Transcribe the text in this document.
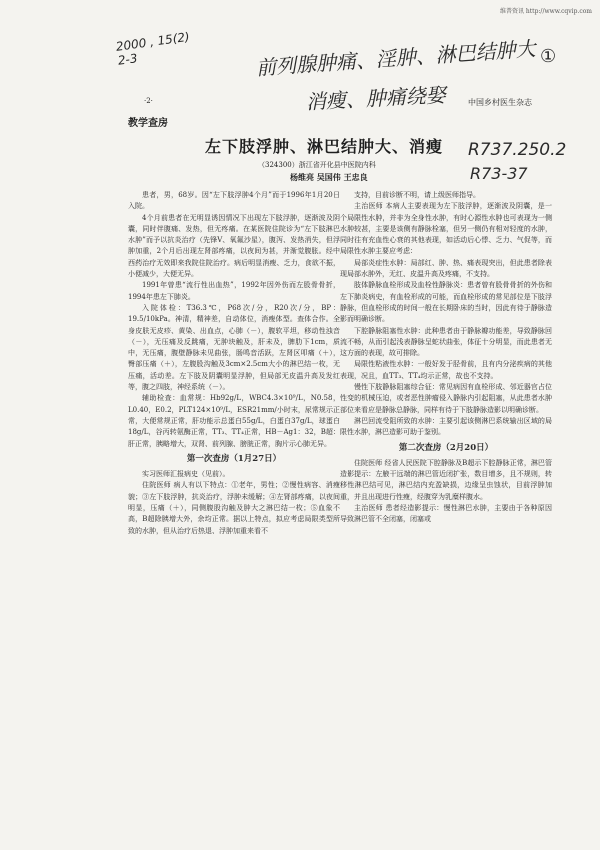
维普资讯 http://www.cqvip.com
2000 , 15(2)
2-3	前列腺肿痛、淫肿、淋巴结肿大
消瘦、肿痛绕娶
①
中国乡村医生杂志
·2·
教学查房
左下肢浮肿、淋巴结肿大、消瘦
（324300）浙江省开化县中医院内科
杨维亮 吴国伟 王忠良
R737.250.2
R73-37

患者，男，68岁。因“左下肢浮肿4个月”而于1996年1月20日入院。

4个月前患者在无明显诱因情况下出现左下肢浮肿，逐渐波及阴囊，同时伴腹痛、发热，但无疼痛。在某医院住院诊为“左下肢淋巴水肿”而予以抗炎治疗（先锋V、氧氟沙星），腹泻、发热消失，但浮肿加重，2个月后出现左肾部疼痛，以夜间为甚，并渐觉腹胀。经中西药治疗无效即来我院住院治疗。病后明显消瘦、乏力，食欲不振，小便减少，大便无异。

1991年曾患“流行性出血热”，1992年因外伤而左股骨骨折，1994年患左下肺炎。

入院体检：T36.3℃，P68次/分，R20次/分，BP：19.5/10kPa。神清，精神差，自动体位，消瘦体型。查体合作。全身皮肤无皮疹、黄染、出血点，心肺（－），腹软平坦，移动性浊音（－），无压痛及反跳痛，无肿块触及，肝未及，脾肋下1cm，质中，无压痛，腹壁静脉未见曲张，肠鸣音活跃，左肾区叩痛（＋），臀部压痛（＋），左腹股沟触及3cm×2.5cm大小的淋巴结一枚，无压痛，活动差。左下肢及阴囊明显浮肿，但局部无皮温升高及发红等，腹之四肢，神经系统（－）。

辅助检查：血常规：Hb92g/L，WBC4.3×10⁹/L，N0.58，L0.40，E0.2，PLT124×10⁹/L，ESR21mm/小时末，尿常规示正常，大便常规正常，肝功能示总蛋白55g/L，白蛋白37g/L，球蛋白18g/L，谷丙转氨酶正常，TT₃、TT₄正常，HB－Ag1：32，B超：肝正常，胰略增大，双肾、前列腺、膀胱正常，胸片示心肺无异。

第一次查房（1月27日）

实习医师汇报病史（见前）。

住院医师 病人有以下特点：①老年，男性；②慢性病容、消瘦貌；③左下肢浮肿，抗炎治疗，浮肿未缓解；④左肾部疼痛，以夜间明显，压痛（＋），同侧腹股沟触及肿大之淋巴结一枚；⑤血象不高，B超除胰增大外，余均正常。据以上特点，拟应考虑局限类型所致的水肿，但从治疗后热退、浮肿加重来看不

支持，目前诊断不明，请上级医师指导。

主治医师 本病人主要表现为左下肢浮肿，逐渐波及阴囊，是一个局限性水肿，并非为全身性水肿，有时心源性水肿也可表现为一侧水肿较甚，主要是该侧有静脉栓塞，但另一侧仍有相对轻度的水肿，同时往有充血性心衰的其他表现，如活动后心悸、乏力、气促等，而局限性水肿主要应考虑：

局部炎症性水肿：局部红、肿、热、痛表现突出，但此患者除表现局部水肿外，无红、皮温升高及疼痛，不支持。

肢体静脉血栓形成及血栓性静脉炎：患者曾有股骨骨折的外伤和左下肺炎病史，有血栓形成的可能，而血栓形成的常见部位是下肢浮静脉，但血栓形成的时间一般在长期卧床的当时，因此有待于静脉造影而明确诊断。

下腔静脉阻塞性水肿：此种患者由于静脉瓣功能差，导致静脉回流不畅，从而引起浅表静脉呈蛇状曲张，体征十分明显，而此患者无这方面的表现，故可排除。

局限性粘液性水肿：一般好发于胫骨前，且有内分泌疾病的其他表现，况且，血TT₃、TT₄均示正常，故也不支持。

慢性下肢静脉阻塞综合征：常见病因有血栓形成、邻近器官占位性变的机械压迫，或者恶性肿瘤侵入静脉内引起阻塞，从此患者水肿部位来看应是静脉总静脉，同样有待于下肢静脉造影以明确诊断。

淋巴回流受阻所致的水肿：主要引起该侧淋巴系统输出区域的局限性水肿，淋巴造影可助于鉴别。

第二次查房（2月20日）

住院医师 经省人民医院下腔静脉及B超示下腔静脉正常，淋巴管造影提示：左腋干远端的淋巴管近闭扩张，数目增多，且不规则，转移性淋巴结可见，淋巴结内充盈缺损，边缘呈虫蚀状，目前浮肿加重，并且出现进行性瘦，经腹穿为乳糜样腹水。

主治医师 患者经造影提示：慢性淋巴水肿，主要由于各种原因导致淋巴管不全闭塞，闭塞或
